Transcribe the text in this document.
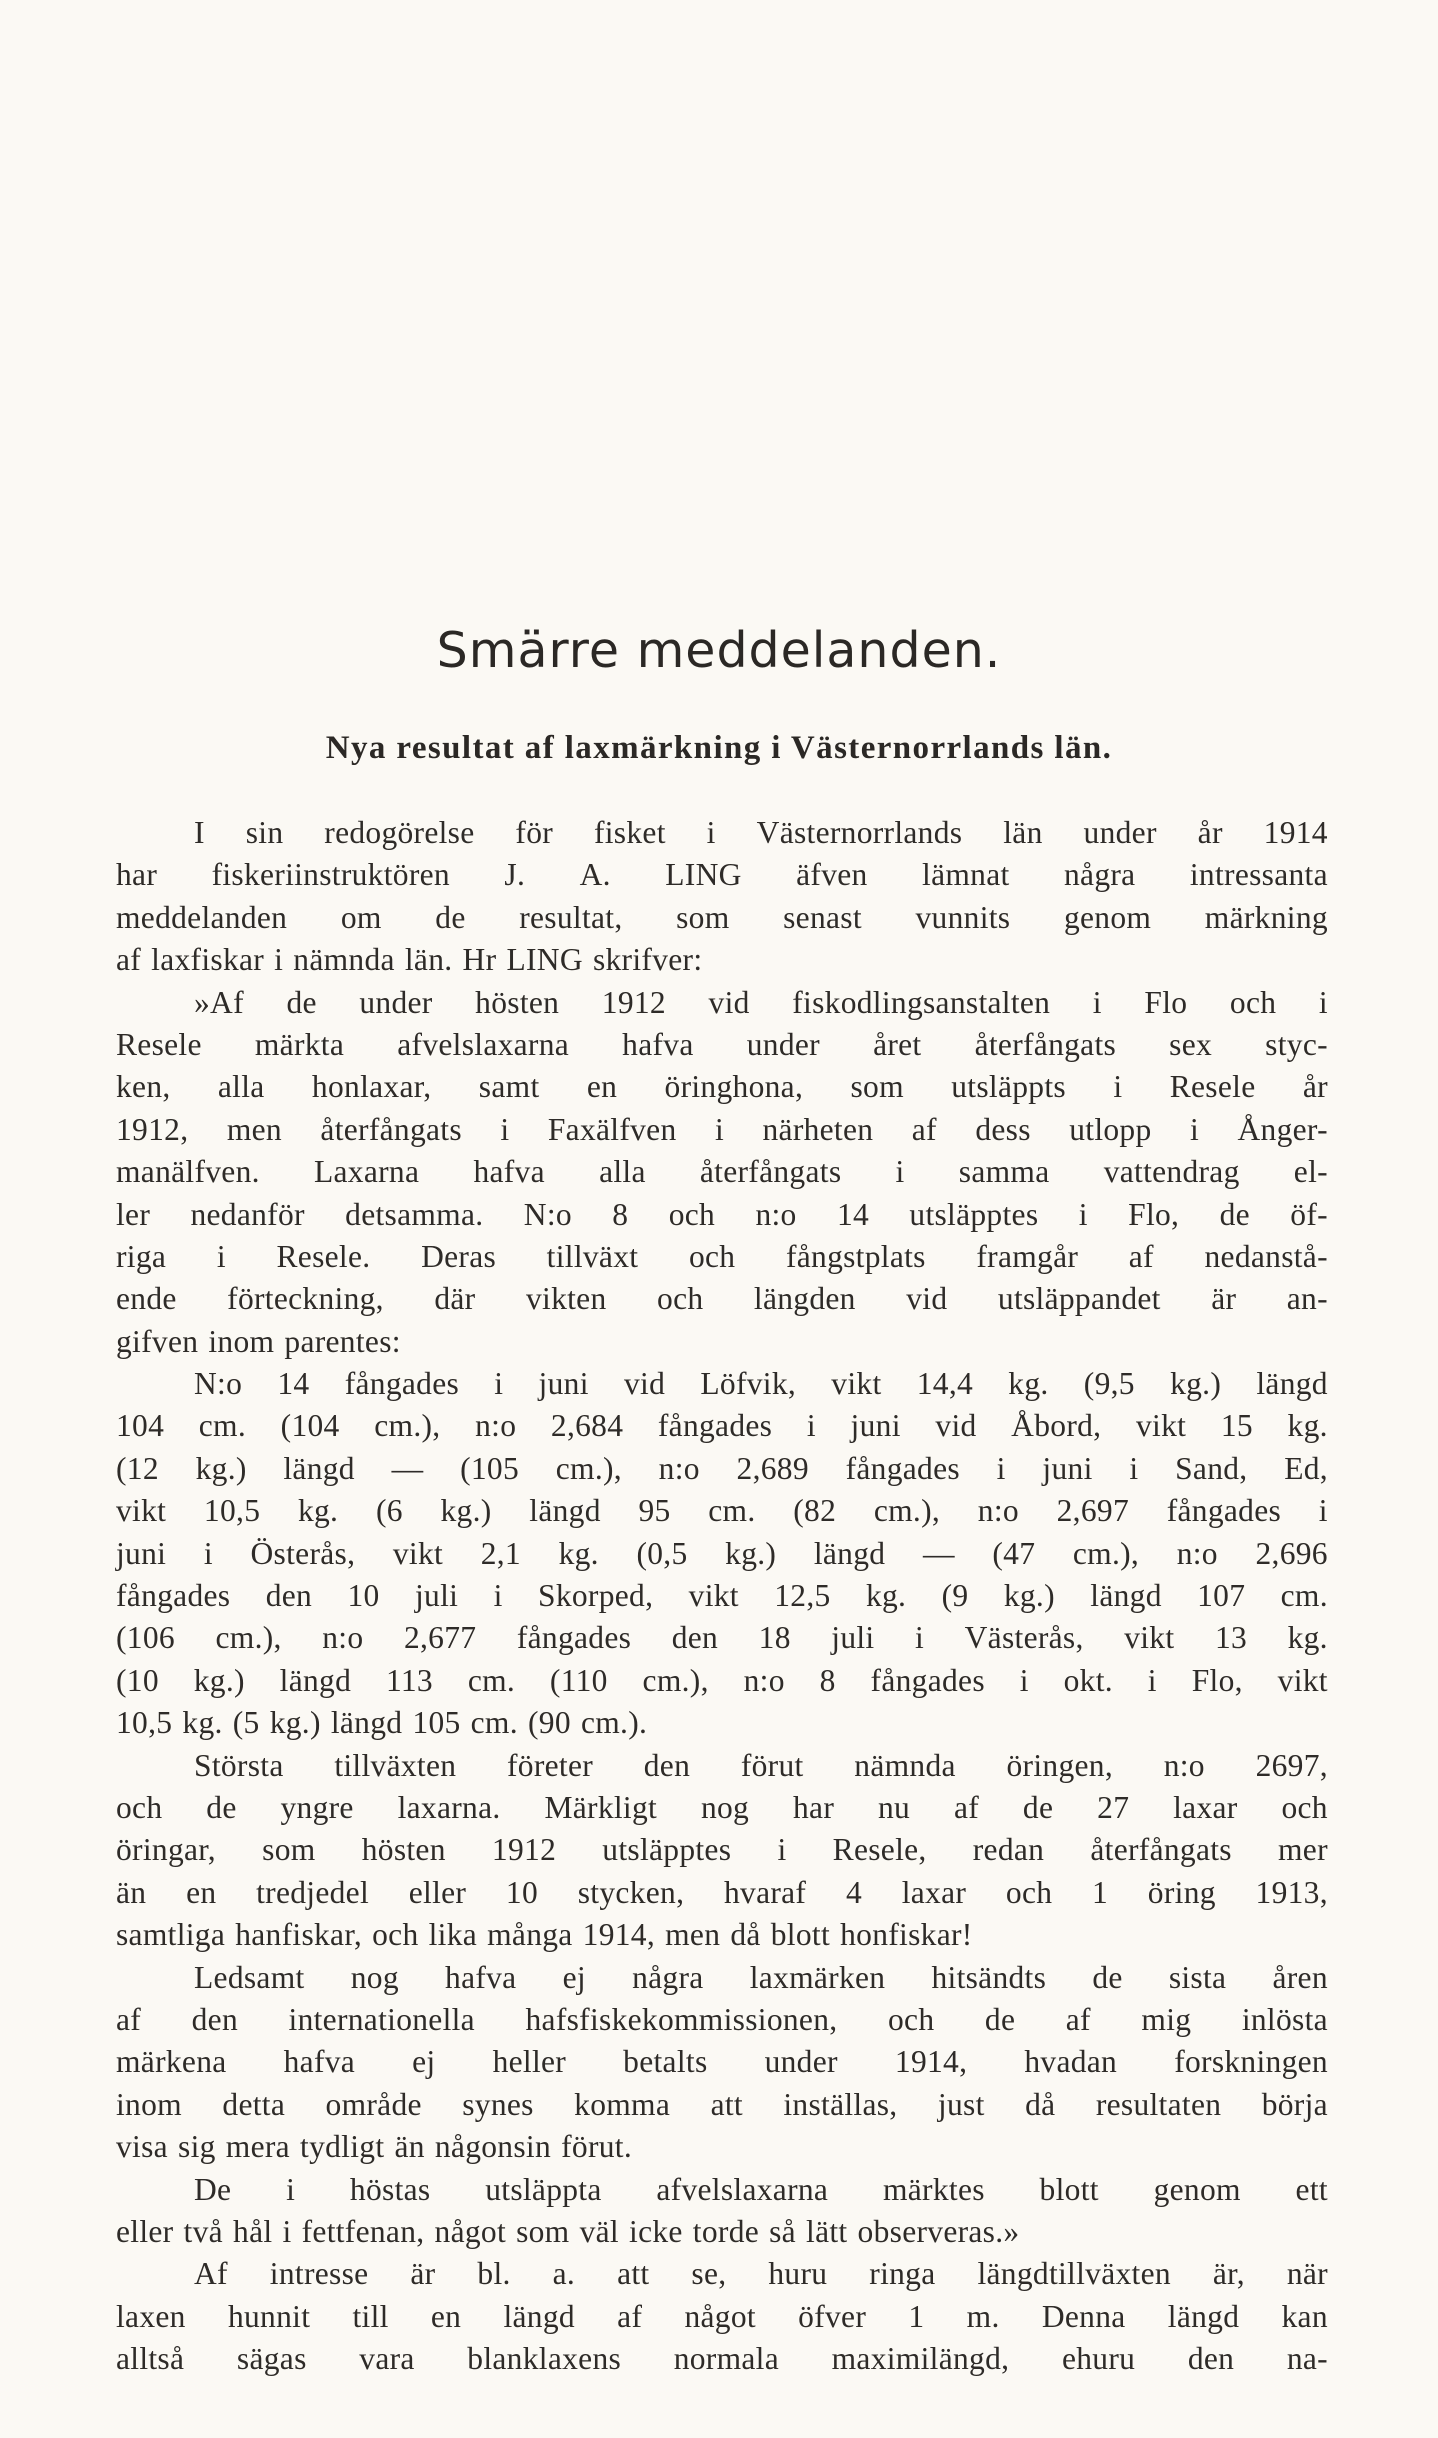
Smärre meddelanden.
Nya resultat af laxmärkning i Västernorrlands län.
I sin redogörelse för fisket i Västernorrlands län under år 1914
har fiskeriinstruktören J. A. LING äfven lämnat några intressanta
meddelanden om de resultat, som senast vunnits genom märkning
af laxfiskar i nämnda län. Hr LING skrifver:
»Af de under hösten 1912 vid fiskodlingsanstalten i Flo och i
Resele märkta afvelslaxarna hafva under året återfångats sex styc-
ken, alla honlaxar, samt en öringhona, som utsläppts i Resele år
1912, men återfångats i Faxälfven i närheten af dess utlopp i Ånger-
manälfven. Laxarna hafva alla återfångats i samma vattendrag el-
ler nedanför detsamma. N:o 8 och n:o 14 utsläpptes i Flo, de öf-
riga i Resele. Deras tillväxt och fångstplats framgår af nedanstå-
ende förteckning, där vikten och längden vid utsläppandet är an-
gifven inom parentes:
N:o 14 fångades i juni vid Löfvik, vikt 14,4 kg. (9,5 kg.) längd
104 cm. (104 cm.), n:o 2,684 fångades i juni vid Åbord, vikt 15 kg.
(12 kg.) längd — (105 cm.), n:o 2,689 fångades i juni i Sand, Ed,
vikt 10,5 kg. (6 kg.) längd 95 cm. (82 cm.), n:o 2,697 fångades i
juni i Österås, vikt 2,1 kg. (0,5 kg.) längd — (47 cm.), n:o 2,696
fångades den 10 juli i Skorped, vikt 12,5 kg. (9 kg.) längd 107 cm.
(106 cm.), n:o 2,677 fångades den 18 juli i Västerås, vikt 13 kg.
(10 kg.) längd 113 cm. (110 cm.), n:o 8 fångades i okt. i Flo, vikt
10,5 kg. (5 kg.) längd 105 cm. (90 cm.).
Största tillväxten företer den förut nämnda öringen, n:o 2697,
och de yngre laxarna. Märkligt nog har nu af de 27 laxar och
öringar, som hösten 1912 utsläpptes i Resele, redan återfångats mer
än en tredjedel eller 10 stycken, hvaraf 4 laxar och 1 öring 1913,
samtliga hanfiskar, och lika många 1914, men då blott honfiskar!
Ledsamt nog hafva ej några laxmärken hitsändts de sista åren
af den internationella hafsfiskekommissionen, och de af mig inlösta
märkena hafva ej heller betalts under 1914, hvadan forskningen
inom detta område synes komma att inställas, just då resultaten börja
visa sig mera tydligt än någonsin förut.
De i höstas utsläppta afvelslaxarna märktes blott genom ett
eller två hål i fettfenan, något som väl icke torde så lätt observeras.»
Af intresse är bl. a. att se, huru ringa längdtillväxten är, när
laxen hunnit till en längd af något öfver 1 m. Denna längd kan
alltså sägas vara blanklaxens normala maximilängd, ehuru den na-
